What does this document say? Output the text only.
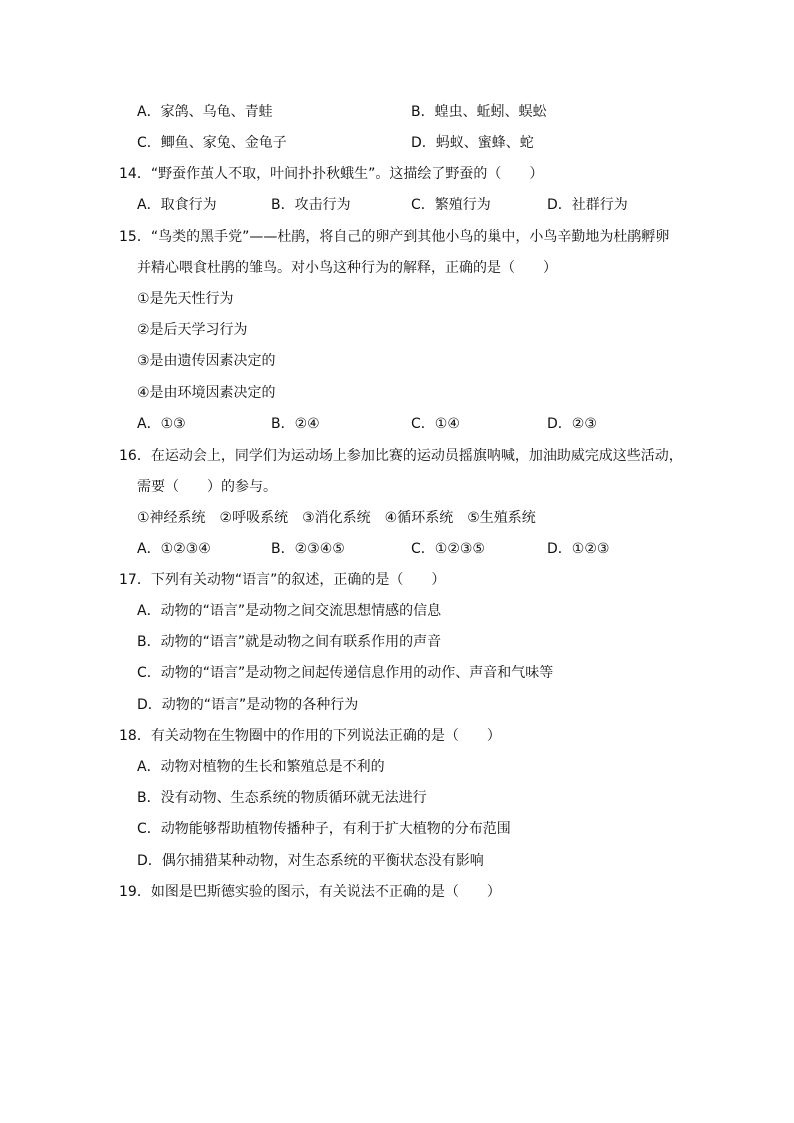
A．家鸽、乌龟、青蛙	B．蝗虫、蚯蚓、蜈蚣
C．鲫鱼、家兔、金龟子	D．蚂蚁、蜜蜂、蛇
14．“野蚕作茧人不取，叶间扑扑秋蛾生”。这描绘了野蚕的（　　）
A．取食行为	B．攻击行为	C．繁殖行为	D．社群行为
15．“鸟类的黑手党”——杜鹃，将自己的卵产到其他小鸟的巢中，小鸟辛勤地为杜鹃孵卵
并精心喂食杜鹃的雏鸟。对小鸟这种行为的解释，正确的是（　　）
①是先天性行为
②是后天学习行为
③是由遗传因素决定的
④是由环境因素决定的
A．①③	B．②④	C．①④	D．②③
16．在运动会上，同学们为运动场上参加比赛的运动员摇旗呐喊，加油助威完成这些活动，
需要（　　）的参与。
①神经系统　②呼吸系统　③消化系统　④循环系统　⑤生殖系统
A．①②③④	B．②③④⑤	C．①②③⑤	D．①②③
17．下列有关动物“语言”的叙述，正确的是（　　）
A．动物的“语言”是动物之间交流思想情感的信息
B．动物的“语言”就是动物之间有联系作用的声音
C．动物的“语言”是动物之间起传递信息作用的动作、声音和气味等
D．动物的“语言”是动物的各种行为
18．有关动物在生物圈中的作用的下列说法正确的是（　　）
A．动物对植物的生长和繁殖总是不利的
B．没有动物、生态系统的物质循环就无法进行
C．动物能够帮助植物传播种子，有利于扩大植物的分布范围
D．偶尔捕猎某种动物，对生态系统的平衡状态没有影响
19．如图是巴斯德实验的图示，有关说法不正确的是（　　）
